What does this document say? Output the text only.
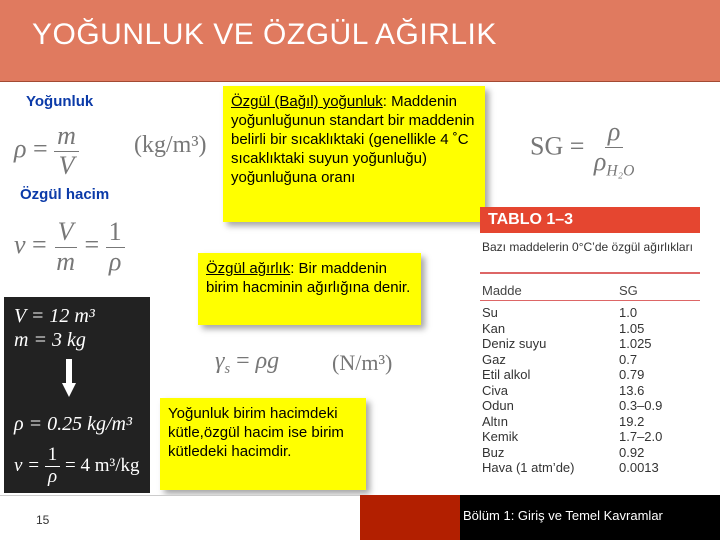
YOĞUNLUK VE ÖZGÜL AĞIRLIK
Yoğunluk
Özgül hacim
$\rho = \frac{m}{V} (kg/m^3)$
$v = \frac{V}{m} = \frac{1}{\rho}$
Özgül (Bağıl) yoğunluk: Maddenin yoğunluğunun standart bir maddenin belirli bir sıcaklıktaki (genellikle 4 ˚C sıcaklıktaki suyun yoğunluğu) yoğunluğuna oranı
SG = $\frac{\rho}{\rho_{H_2O}}$
Özgül ağırlık: Bir maddenin birim hacminin ağırlığına denir.
$\gamma_s = \rho g$ (N/m³)
Yoğunluk birim hacimdeki kütle,özgül hacim ise birim kütledeki hacimdir.
V = 12 m³
m = 3 kg
ρ = 0.25 kg/m³
$v = \frac{1}{\rho} = 4$ m³/kg
TABLO 1–3
Bazı maddelerin 0°C’de özgül ağırlıkları
Madde	SG
Su	1.0
Kan	1.05
Deniz suyu	1.025
Gaz	0.7
Etil alkol	0.79
Civa	13.6
Odun	0.3–0.9
Altın	19.2
Kemik	1.7–2.0
Buz	0.92
Hava (1 atm’de)	0.0013
15	Bölüm 1: Giriş ve Temel Kavramlar
